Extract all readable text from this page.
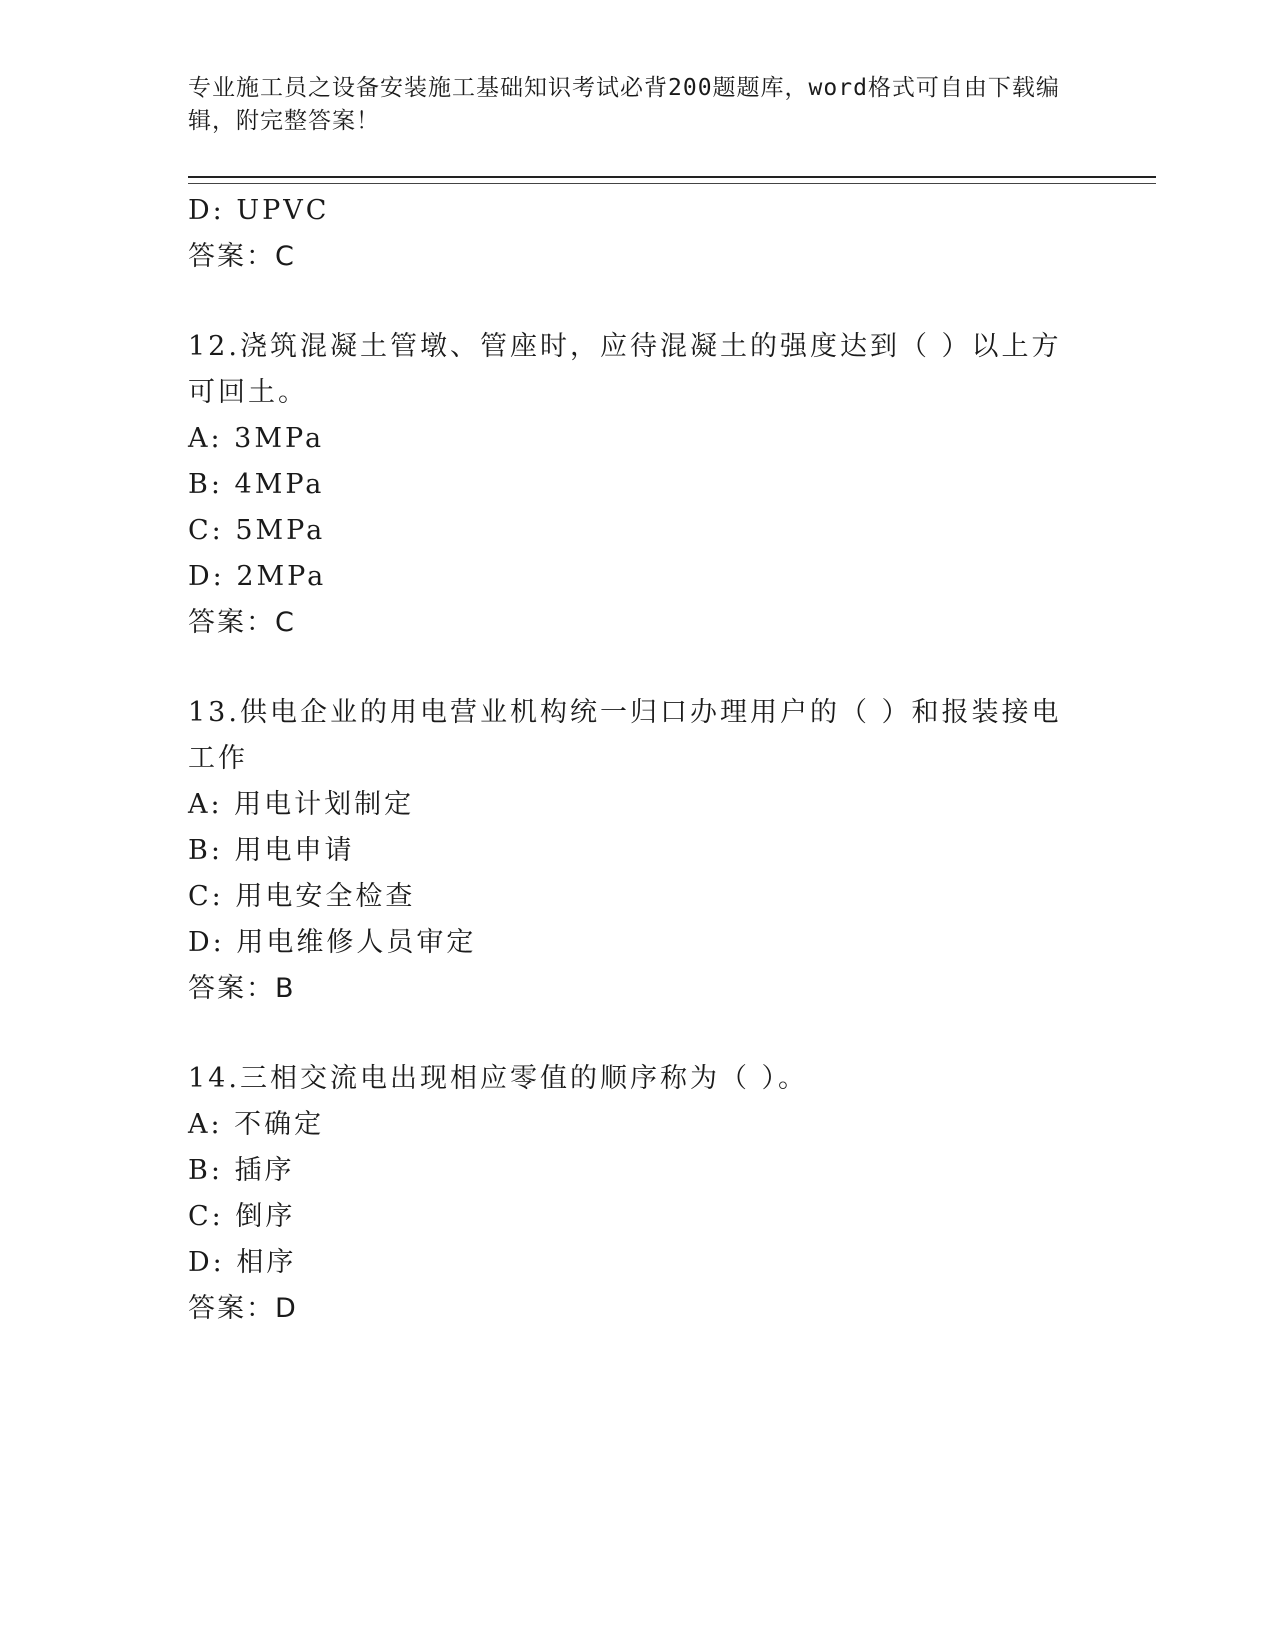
专业施工员之设备安装施工基础知识考试必背200题题库，word格式可自由下载编辑，附完整答案！
D: UPVC
答案：C
12.浇筑混凝土管墩、管座时，应待混凝土的强度达到（ ）以上方可回土。
A: 3MPa
B: 4MPa
C: 5MPa
D: 2MPa
答案：C
13.供电企业的用电营业机构统一归口办理用户的（ ）和报装接电工作
A: 用电计划制定
B: 用电申请
C: 用电安全检查
D: 用电维修人员审定
答案：B
14.三相交流电出现相应零值的顺序称为（ ）。
A: 不确定
B: 插序
C: 倒序
D: 相序
答案：D
